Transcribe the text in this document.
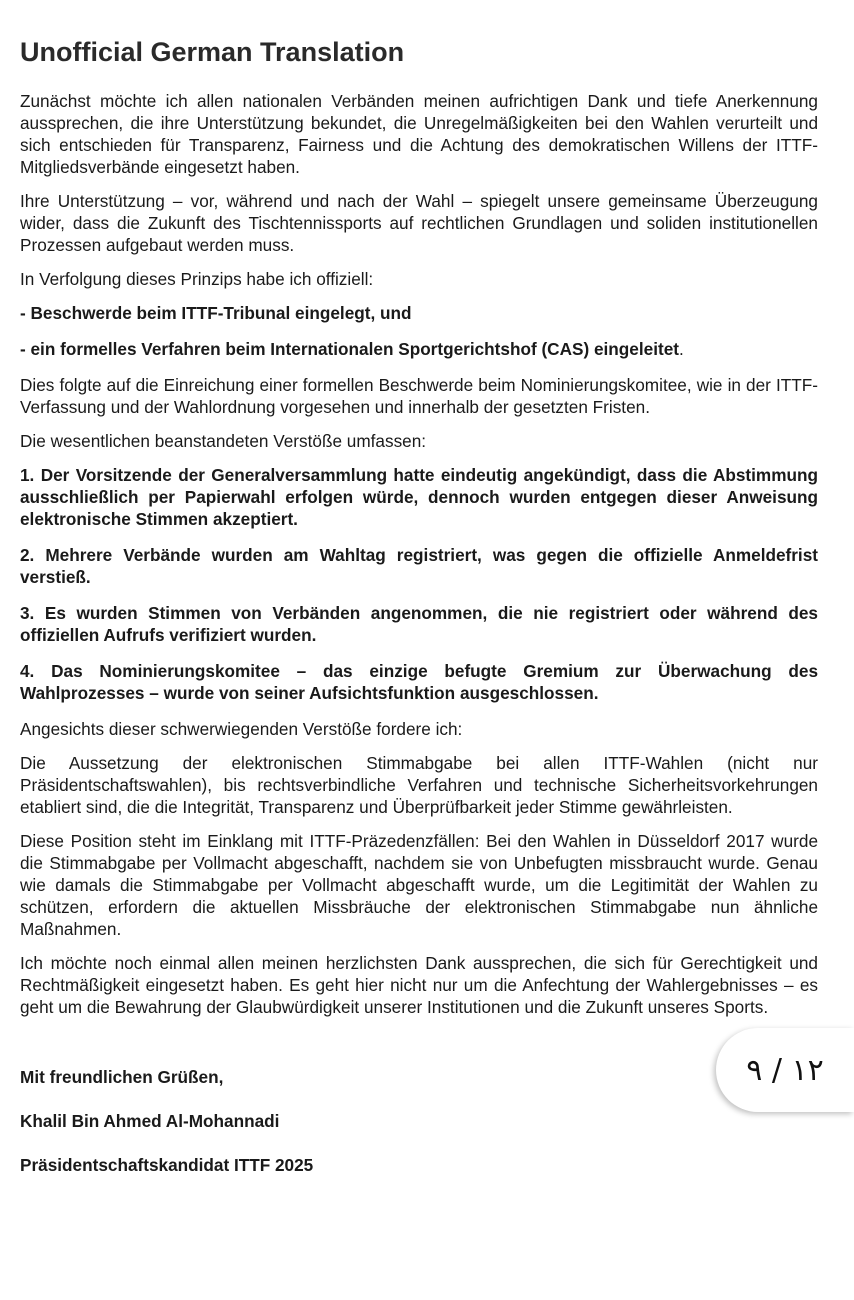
Unofficial German Translation

Zunächst möchte ich allen nationalen Verbänden meinen aufrichtigen Dank und tiefe Anerkennung aussprechen, die ihre Unterstützung bekundet, die Unregelmäßigkeiten bei den Wahlen verurteilt und sich entschieden für Transparenz, Fairness und die Achtung des demokratischen Willens der ITTF-Mitgliedsverbände eingesetzt haben.

Ihre Unterstützung – vor, während und nach der Wahl – spiegelt unsere gemeinsame Überzeugung wider, dass die Zukunft des Tischtennissports auf rechtlichen Grundlagen und soliden institutionellen Prozessen aufgebaut werden muss.

In Verfolgung dieses Prinzips habe ich offiziell:

- Beschwerde beim ITTF-Tribunal eingelegt, und
- ein formelles Verfahren beim Internationalen Sportgerichtshof (CAS) eingeleitet.

Dies folgte auf die Einreichung einer formellen Beschwerde beim Nominierungskomitee, wie in der ITTF-Verfassung und der Wahlordnung vorgesehen und innerhalb der gesetzten Fristen.

Die wesentlichen beanstandeten Verstöße umfassen:

1. Der Vorsitzende der Generalversammlung hatte eindeutig angekündigt, dass die Abstimmung ausschließlich per Papierwahl erfolgen würde, dennoch wurden entgegen dieser Anweisung elektronische Stimmen akzeptiert.

2. Mehrere Verbände wurden am Wahltag registriert, was gegen die offizielle Anmeldefrist verstieß.

3. Es wurden Stimmen von Verbänden angenommen, die nie registriert oder während des offiziellen Aufrufs verifiziert wurden.

4. Das Nominierungskomitee – das einzige befugte Gremium zur Überwachung des Wahlprozesses – wurde von seiner Aufsichtsfunktion ausgeschlossen.

Angesichts dieser schwerwiegenden Verstöße fordere ich:

Die Aussetzung der elektronischen Stimmabgabe bei allen ITTF-Wahlen (nicht nur Präsidentschaftswahlen), bis rechtsverbindliche Verfahren und technische Sicherheitsvorkehrungen etabliert sind, die die Integrität, Transparenz und Überprüfbarkeit jeder Stimme gewährleisten.

Diese Position steht im Einklang mit ITTF-Präzedenzfällen: Bei den Wahlen in Düsseldorf 2017 wurde die Stimmabgabe per Vollmacht abgeschafft, nachdem sie von Unbefugten missbraucht wurde. Genau wie damals die Stimmabgabe per Vollmacht abgeschafft wurde, um die Legitimität der Wahlen zu schützen, erfordern die aktuellen Missbräuche der elektronischen Stimmabgabe nun ähnliche Maßnahmen.

Ich möchte noch einmal allen meinen herzlichsten Dank aussprechen, die sich für Gerechtigkeit und Rechtmäßigkeit eingesetzt haben. Es geht hier nicht nur um die Anfechtung der Wahlergebnisses – es geht um die Bewahrung der Glaubwürdigkeit unserer Institutionen und die Zukunft unseres Sports.

Mit freundlichen Grüßen,
Khalil Bin Ahmed Al-Mohannadi
Präsidentschaftskandidat ITTF 2025
١٢ / ٩
